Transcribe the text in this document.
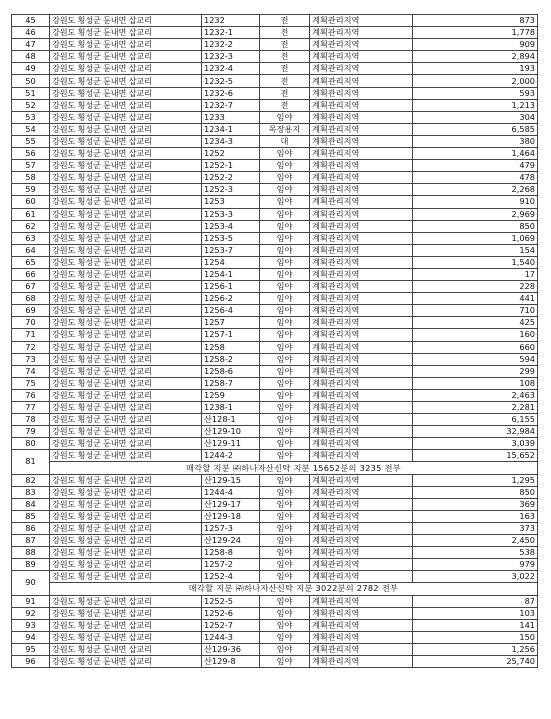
45	강원도 횡성군 둔내면 삽교리	1232	전	계획관리지역	873
46	강원도 횡성군 둔내면 삽교리	1232-1	전	계획관리지역	1,778
47	강원도 횡성군 둔내면 삽교리	1232-2	전	계획관리지역	909
48	강원도 횡성군 둔내면 삽교리	1232-3	전	계획관리지역	2,894
49	강원도 횡성군 둔내면 삽교리	1232-4	전	계획관리지역	193
50	강원도 횡성군 둔내면 삽교리	1232-5	전	계획관리지역	2,000
51	강원도 횡성군 둔내면 삽교리	1232-6	전	계획관리지역	593
52	강원도 횡성군 둔내면 삽교리	1232-7	전	계획관리지역	1,213
53	강원도 횡성군 둔내면 삽교리	1233	임야	계획관리지역	304
54	강원도 횡성군 둔내면 삽교리	1234-1	목장용지	계획관리지역	6,585
55	강원도 횡성군 둔내면 삽교리	1234-3	대	계획관리지역	380
56	강원도 횡성군 둔내면 삽교리	1252	임야	계획관리지역	1,464
57	강원도 횡성군 둔내면 삽교리	1252-1	임야	계획관리지역	479
58	강원도 횡성군 둔내면 삽교리	1252-2	임야	계획관리지역	478
59	강원도 횡성군 둔내면 삽교리	1252-3	임야	계획관리지역	2,268
60	강원도 횡성군 둔내면 삽교리	1253	임야	계획관리지역	910
61	강원도 횡성군 둔내면 삽교리	1253-3	임야	계획관리지역	2,969
62	강원도 횡성군 둔내면 삽교리	1253-4	임야	계획관리지역	850
63	강원도 횡성군 둔내면 삽교리	1253-5	임야	계획관리지역	1,069
64	강원도 횡성군 둔내면 삽교리	1253-7	임야	계획관리지역	154
65	강원도 횡성군 둔내면 삽교리	1254	임야	계획관리지역	1,540
66	강원도 횡성군 둔내면 삽교리	1254-1	임야	계획관리지역	17
67	강원도 횡성군 둔내면 삽교리	1256-1	임야	계획관리지역	228
68	강원도 횡성군 둔내면 삽교리	1256-2	임야	계획관리지역	441
69	강원도 횡성군 둔내면 삽교리	1256-4	임야	계획관리지역	710
70	강원도 횡성군 둔내면 삽교리	1257	임야	계획관리지역	425
71	강원도 횡성군 둔내면 삽교리	1257-1	임야	계획관리지역	160
72	강원도 횡성군 둔내면 삽교리	1258	임야	계획관리지역	660
73	강원도 횡성군 둔내면 삽교리	1258-2	임야	계획관리지역	594
74	강원도 횡성군 둔내면 삽교리	1258-6	임야	계획관리지역	299
75	강원도 횡성군 둔내면 삽교리	1258-7	임야	계획관리지역	108
76	강원도 횡성군 둔내면 삽교리	1259	임야	계획관리지역	2,463
77	강원도 횡성군 둔내면 삽교리	1238-1	임야	계획관리지역	2,281
78	강원도 횡성군 둔내면 삽교리	산128-1	임야	계획관리지역	6,155
79	강원도 횡성군 둔내면 삽교리	산129-10	임야	계획관리지역	32,984
80	강원도 횡성군 둔내면 삽교리	산129-11	임야	계획관리지역	3,039
81	강원도 횡성군 둔내면 삽교리	1244-2	임야	계획관리지역	15,652
	매각할 지분 ㈜하나자산신탁 지분 15652분의 3235 전부				
82	강원도 횡성군 둔내면 삽교리	산129-15	임야	계획관리지역	1,295
83	강원도 횡성군 둔내면 삽교리	1244-4	임야	계획관리지역	850
84	강원도 횡성군 둔내면 삽교리	산129-17	임야	계획관리지역	369
85	강원도 횡성군 둔내면 삽교리	산129-18	임야	계획관리지역	163
86	강원도 횡성군 둔내면 삽교리	1257-3	임야	계획관리지역	373
87	강원도 횡성군 둔내면 삽교리	산129-24	임야	계획관리지역	2,450
88	강원도 횡성군 둔내면 삽교리	1258-8	임야	계획관리지역	538
89	강원도 횡성군 둔내면 삽교리	1257-2	임야	계획관리지역	979
90	강원도 횡성군 둔내면 삽교리	1252-4	임야	계획관리지역	3,022
	매각할 지분 ㈜하나자산신탁 지분 3022분의 2782 전부				
91	강원도 횡성군 둔내면 삽교리	1252-5	임야	계획관리지역	87
92	강원도 횡성군 둔내면 삽교리	1252-6	임야	계획관리지역	103
93	강원도 횡성군 둔내면 삽교리	1252-7	임야	계획관리지역	141
94	강원도 횡성군 둔내면 삽교리	1244-3	임야	계획관리지역	150
95	강원도 횡성군 둔내면 삽교리	산129-36	임야	계획관리지역	1,256
96	강원도 횡성군 둔내면 삽교리	산129-8	임야	계획관리지역	25,740
